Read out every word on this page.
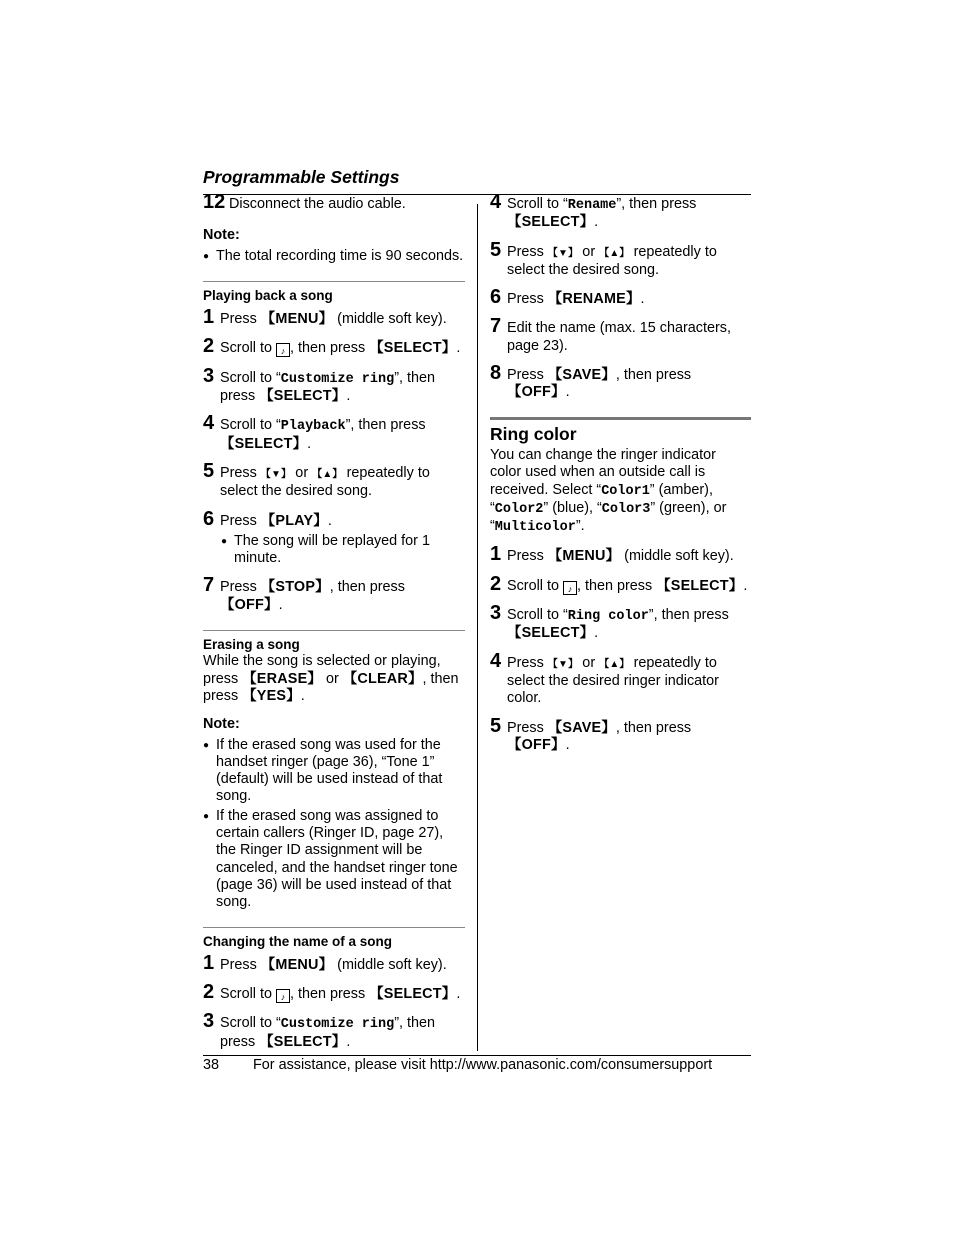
Programmable Settings
12 Disconnect the audio cable.
Note:
● The total recording time is 90 seconds.
Playing back a song
1 Press 【 MENU 】 (middle soft key).
2 Scroll to ♪ , then press 【 SELECT 】 .
3 Scroll to “Customize ring”, then press 【 SELECT 】 .
4 Scroll to “Playback”, then press 【 SELECT 】 .
5 Press 【 ▼ 】 or 【 ▲ 】 repeatedly to select the desired song.
6 Press 【 PLAY 】 .
● The song will be replayed for 1 minute.
7 Press 【 STOP 】 , then press 【 OFF 】 .
Erasing a song
While the song is selected or playing, press 【 ERASE 】 or 【 CLEAR 】 , then press 【 YES 】 .
Note:
● If the erased song was used for the handset ringer (page 36), “Tone 1” (default) will be used instead of that song.
● If the erased song was assigned to certain callers (Ringer ID, page 27), the Ringer ID assignment will be canceled, and the handset ringer tone (page 36) will be used instead of that song.
Changing the name of a song
1 Press 【 MENU 】 (middle soft key).
2 Scroll to ♪ , then press 【 SELECT 】 .
3 Scroll to “Customize ring”, then press 【 SELECT 】 .
4 Scroll to “Rename”, then press 【 SELECT 】 .
5 Press 【 ▼ 】 or 【 ▲ 】 repeatedly to select the desired song.
6 Press 【 RENAME 】 .
7 Edit the name (max. 15 characters, page 23).
8 Press 【 SAVE 】 , then press 【 OFF 】 .
Ring color
You can change the ringer indicator color used when an outside call is received. Select “Color1” (amber), “Color2” (blue), “Color3” (green), or “Multicolor”.
1 Press 【 MENU 】 (middle soft key).
2 Scroll to ♪ , then press 【 SELECT 】 .
3 Scroll to “Ring color”, then press 【 SELECT 】 .
4 Press 【 ▼ 】 or 【 ▲ 】 repeatedly to select the desired ringer indicator color.
5 Press 【 SAVE 】 , then press 【 OFF 】 .
38 For assistance, please visit http://www.panasonic.com/consumersupport
